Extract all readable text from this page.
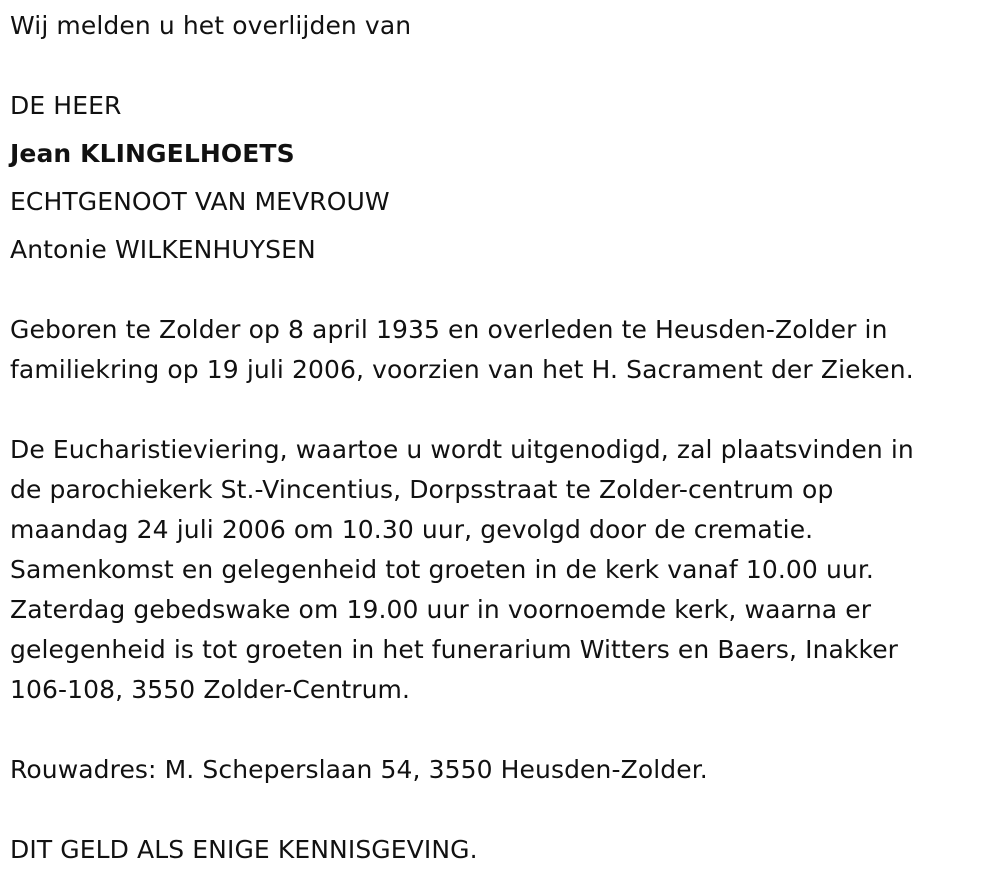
Wij melden u het overlijden van

DE HEER

Jean KLINGELHOETS

ECHTGENOOT VAN MEVROUW

Antonie WILKENHUYSEN

Geboren te Zolder op 8 april 1935 en overleden te Heusden-Zolder in
familiekring op 19 juli 2006, voorzien van het H. Sacrament der Zieken.
De Eucharistieviering, waartoe u wordt uitgenodigd, zal plaatsvinden in
de parochiekerk St.-Vincentius, Dorpsstraat te Zolder-centrum op
maandag 24 juli 2006 om 10.30 uur, gevolgd door de crematie.
Samenkomst en gelegenheid tot groeten in de kerk vanaf 10.00 uur.
Zaterdag gebedswake om 19.00 uur in voornoemde kerk, waarna er
gelegenheid is tot groeten in het funerarium Witters en Baers, Inakker
106-108, 3550 Zolder-Centrum.

Rouwadres: M. Scheperslaan 54, 3550 Heusden-Zolder.

DIT GELD ALS ENIGE KENNISGEVING.
